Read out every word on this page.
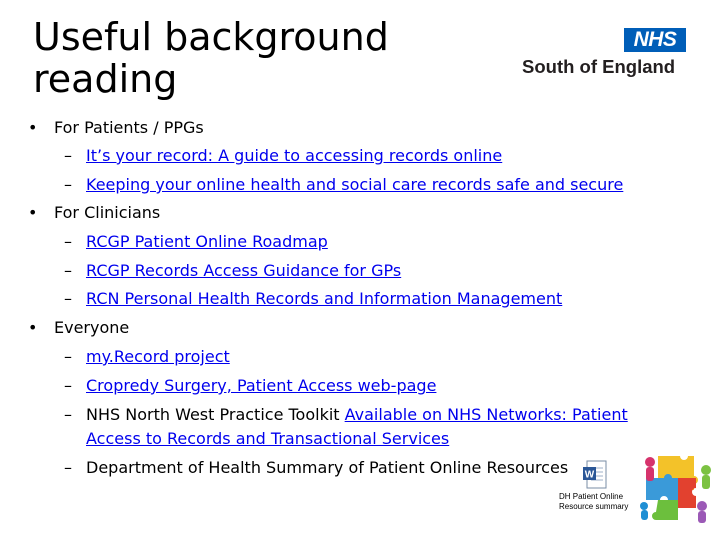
Useful background
reading
NHS
South of England
• For Patients / PPGs
– It’s your record: A guide to accessing records online
– Keeping your online health and social care records safe and secure
• For Clinicians
– RCGP Patient Online Roadmap
– RCGP Records Access Guidance for GPs
– RCN Personal Health Records and Information Management
• Everyone
– my.Record project
– Cropredy Surgery, Patient Access web-page
– NHS North West Practice Toolkit Available on NHS Networks: Patient
Access to Records and Transactional Services
– Department of Health Summary of Patient Online Resources W
DH Patient Online
Resource summary
